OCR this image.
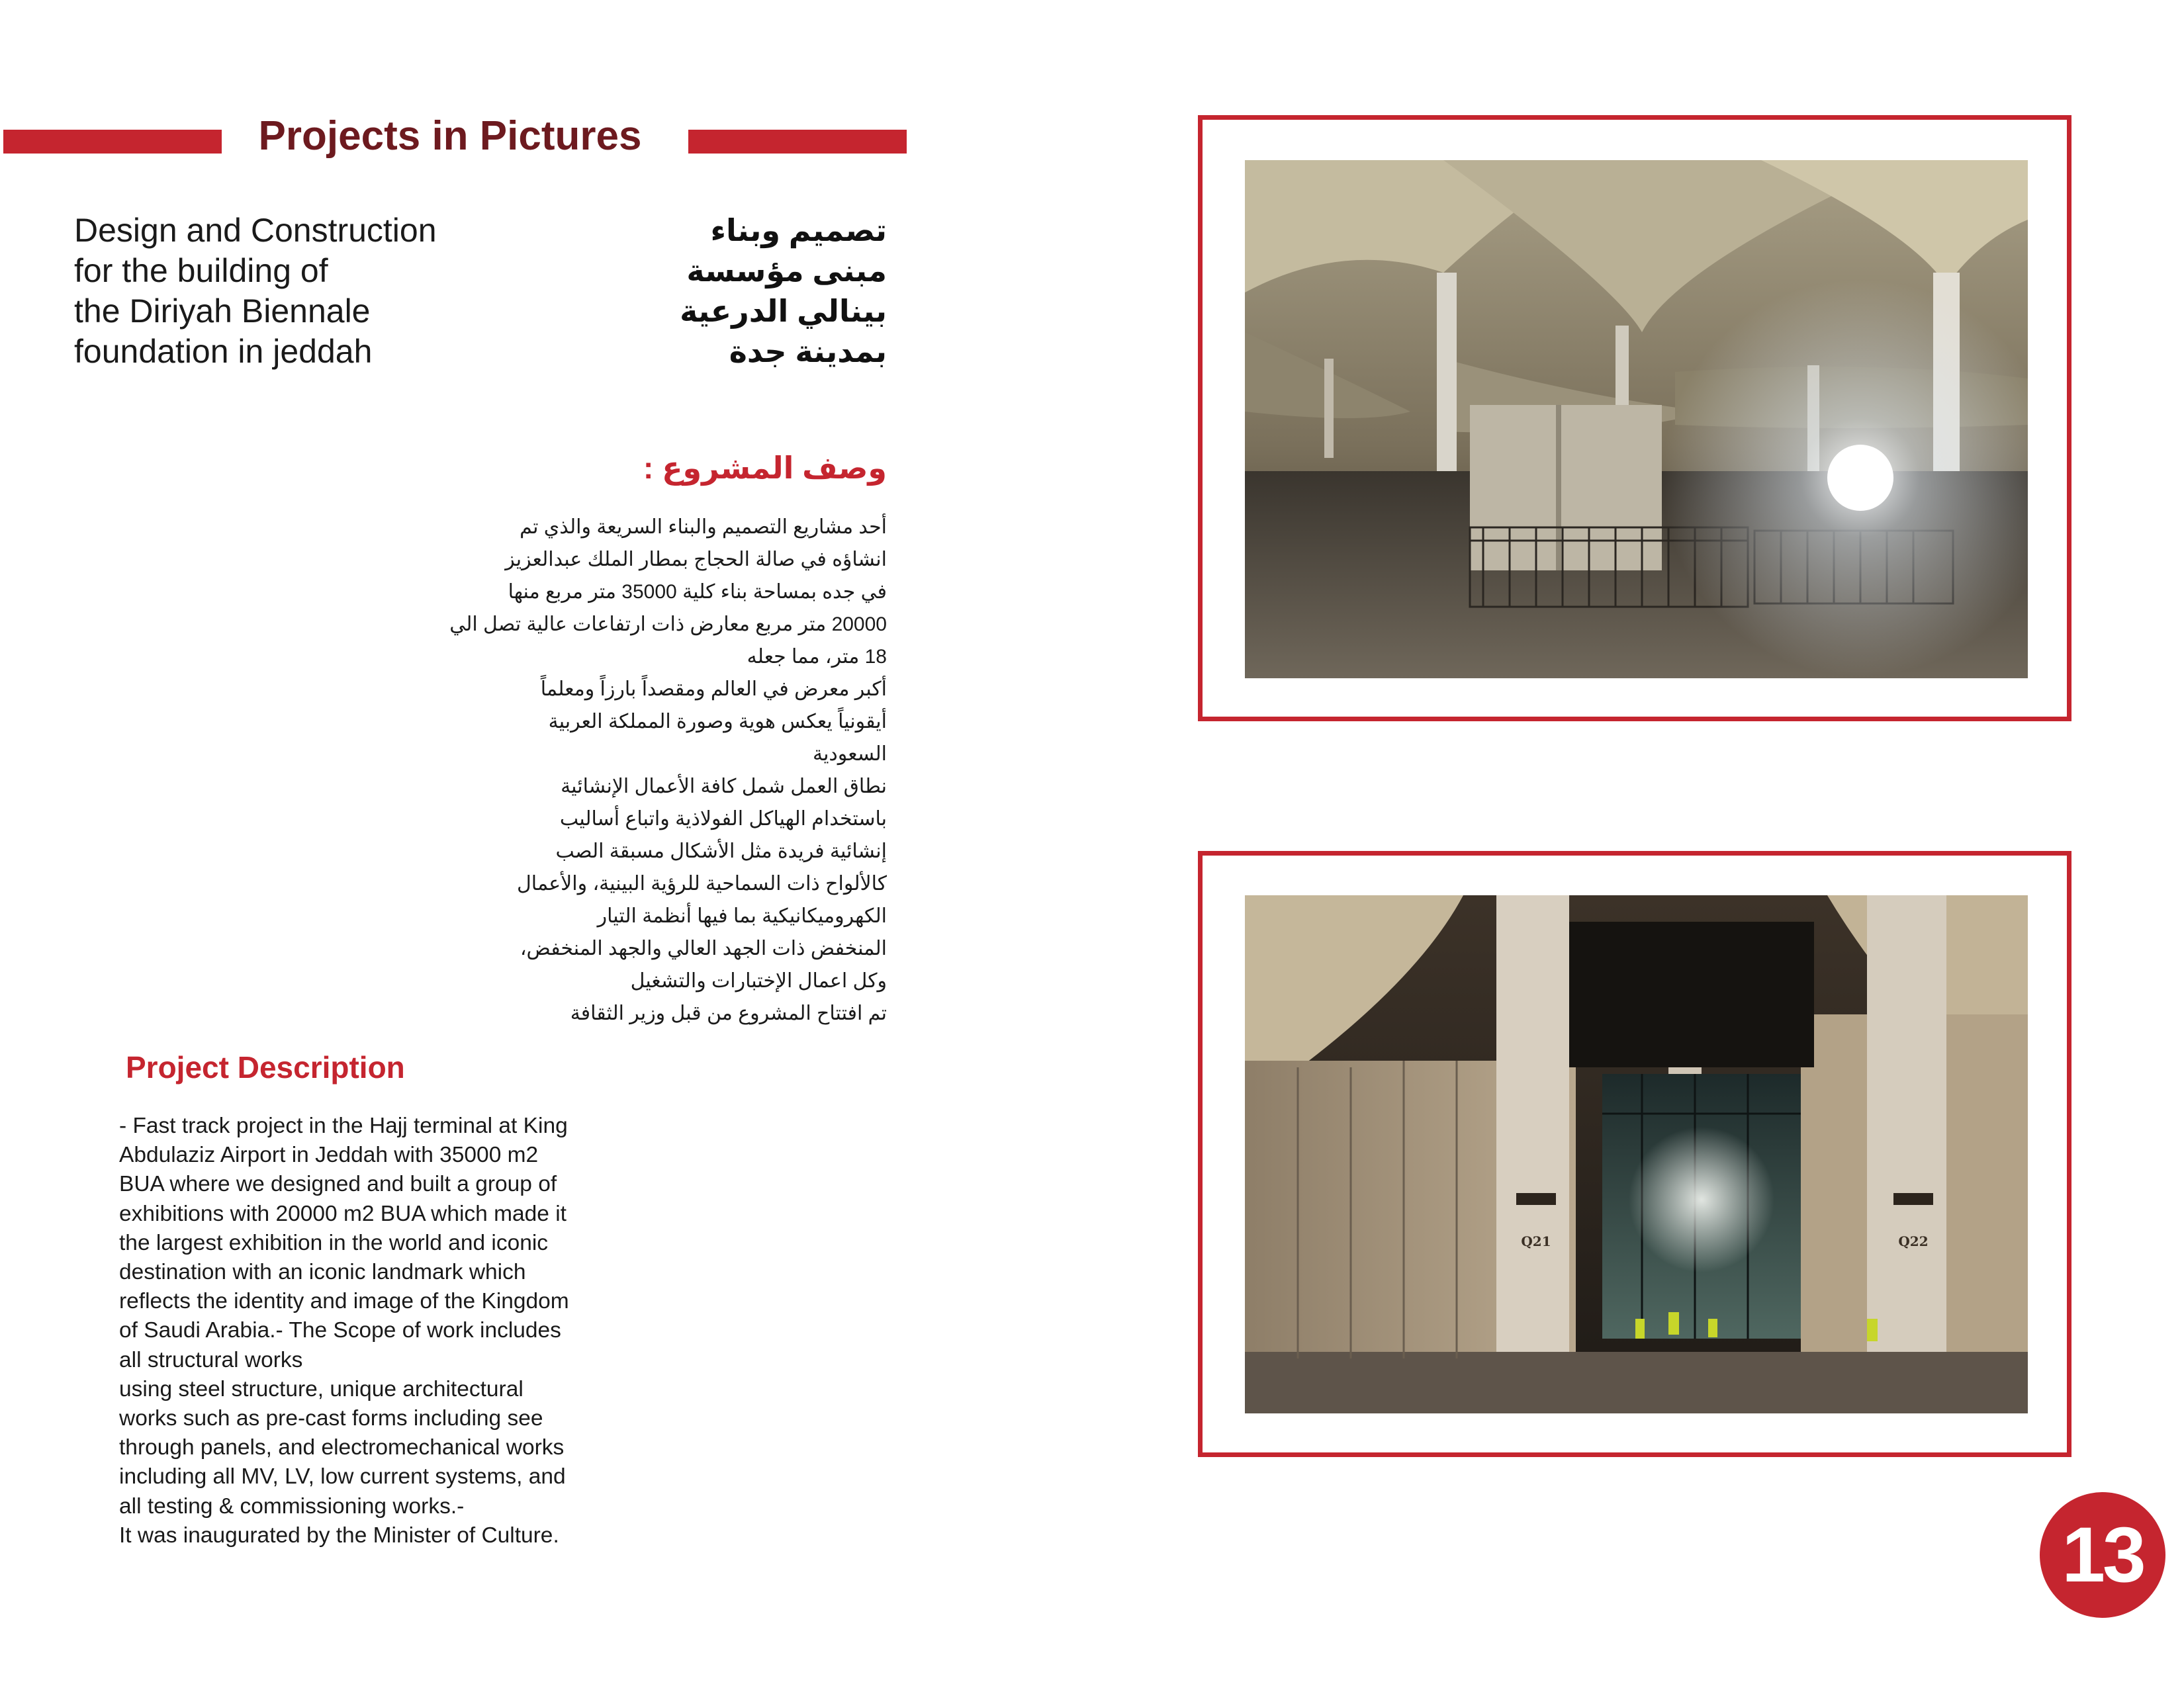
Projects in Pictures
Design and Construction
for the building of
the Diriyah Biennale
foundation in jeddah
تصميم وبناء
مبنى مؤسسة
بينالي الدرعية
بمدينة جدة
وصف المشروع :
أحد مشاريع التصميم والبناء السريعة والذي تم
انشاؤه في صالة الحجاج بمطار الملك عبدالعزيز
في جده بمساحة بناء كلية 35000 متر مربع منها
20000 متر مربع معارض ذات ارتفاعات عالية تصل الي
18 متر، مما جعله
أكبر معرض في العالم ومقصداً بارزاً ومعلماً
أيقونياً يعكس هوية وصورة المملكة العربية
السعودية
نطاق العمل شمل كافة الأعمال الإنشائية
باستخدام الهياكل الفولاذية واتباع أساليب
إنشائية فريدة مثل الأشكال مسبقة الصب
كالألواح ذات السماحية للرؤية البينية، والأعمال
الكهروميكانيكية بما فيها أنظمة التيار
المنخفض ذات الجهد العالي والجهد المنخفض،
وكل اعمال الإختبارات والتشغيل
تم افتتاح المشروع من قبل وزير الثقافة
Project Description
- Fast track project in the Hajj terminal at King
Abdulaziz Airport in Jeddah with 35000 m2
BUA where we designed and built a group of
exhibitions with 20000 m2 BUA which made it
the largest exhibition in the world and iconic
destination with an iconic landmark which
reflects the identity and image of the Kingdom
of Saudi Arabia.- The Scope of work includes
all structural works
using steel structure, unique architectural
works such as pre-cast forms including see
through panels, and electromechanical works
including all MV, LV, low current systems, and
all testing & commissioning works.-
It was inaugurated by the Minister of Culture.
Q21	Q22
13
